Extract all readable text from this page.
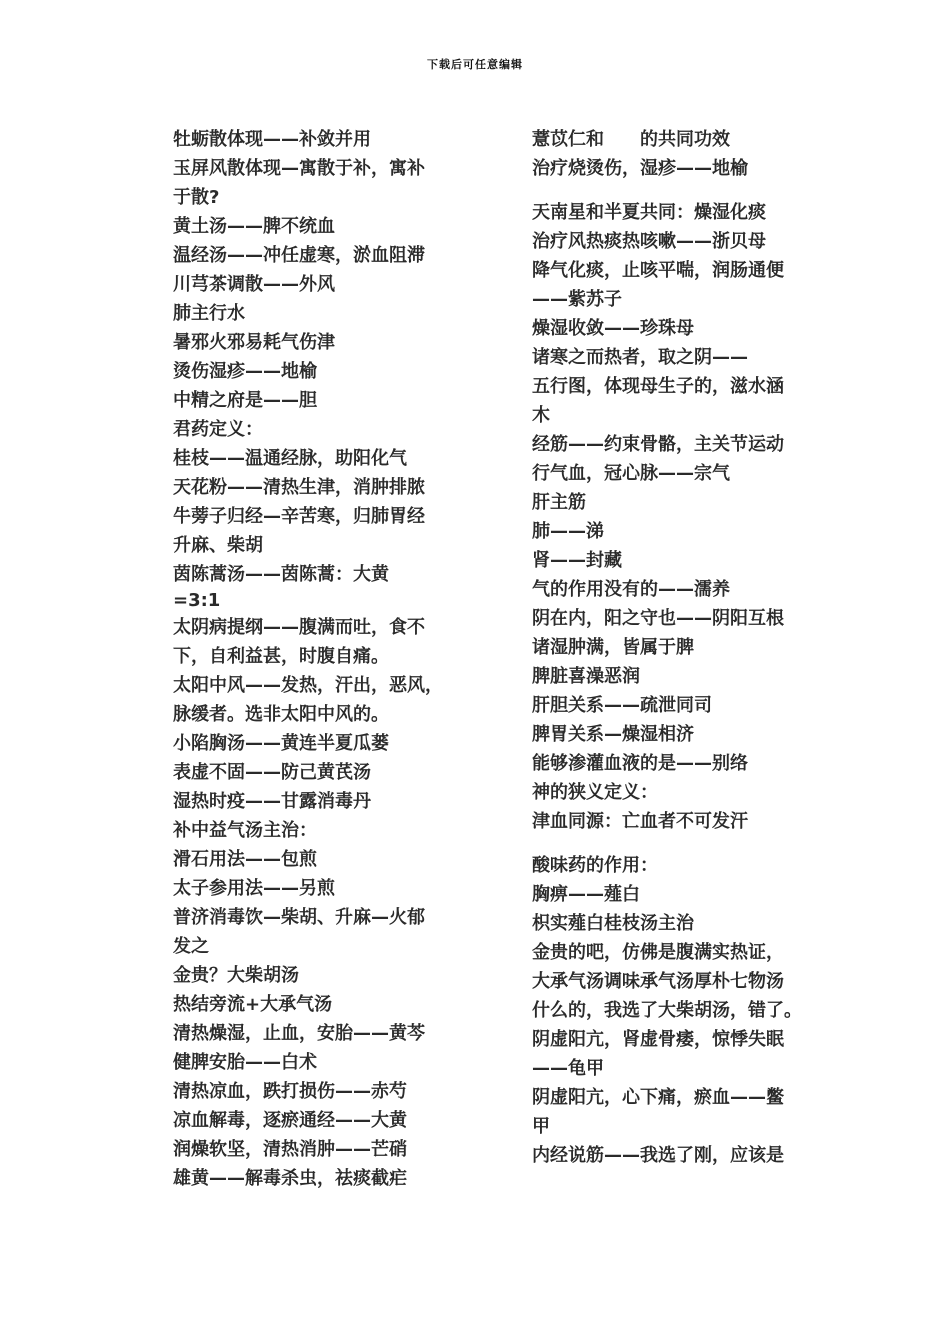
下载后可任意编辑
牡蛎散体现——补敛并用
玉屏风散体现—寓散于补，寓补
于散?
黄土汤——脾不统血
温经汤——冲任虚寒，淤血阻滞
川芎茶调散——外风
肺主行水
暑邪火邪易耗气伤津
烫伤湿疹——地榆
中精之府是——胆
君药定义：
桂枝——温通经脉，助阳化气
天花粉——清热生津，消肿排脓
牛蒡子归经—辛苦寒，归肺胃经
升麻、柴胡
茵陈蒿汤——茵陈蒿：大黄
=3:1
太阴病提纲——腹满而吐，食不
下，自利益甚，时腹自痛。
太阳中风——发热，汗出，恶风，
脉缓者。选非太阳中风的。
小陷胸汤——黄连半夏瓜蒌
表虚不固——防己黄芪汤
湿热时疫——甘露消毒丹
补中益气汤主治：
滑石用法——包煎
太子参用法——另煎
普济消毒饮—柴胡、升麻—火郁
发之
金贵？大柴胡汤
热结旁流+大承气汤
清热燥湿，止血，安胎——黄芩
健脾安胎——白术
清热凉血，跌打损伤——赤芍
凉血解毒，逐瘀通经——大黄
润燥软坚，清热消肿——芒硝
雄黄——解毒杀虫，祛痰截疟
薏苡仁和　　的共同功效
治疗烧烫伤，湿疹——地榆
天南星和半夏共同：燥湿化痰
治疗风热痰热咳嗽——浙贝母
降气化痰，止咳平喘，润肠通便
——紫苏子
燥湿收敛——珍珠母
诸寒之而热者，取之阴——
五行图，体现母生子的，滋水涵
木
经筋——约束骨骼，主关节运动
行气血，冠心脉——宗气
肝主筋
肺——涕
肾——封藏
气的作用没有的——濡养
阴在内，阳之守也——阴阳互根
诸湿肿满，皆属于脾
脾脏喜澡恶润
肝胆关系——疏泄同司
脾胃关系—燥湿相济
能够渗灌血液的是——别络
神的狭义定义：
津血同源：亡血者不可发汗
酸味药的作用：
胸痹——薤白
枳实薤白桂枝汤主治
金贵的吧，仿佛是腹满实热证，
大承气汤调味承气汤厚朴七物汤
什么的，我选了大柴胡汤，错了。
阴虚阳亢，肾虚骨痿，惊悸失眠
——龟甲
阴虚阳亢，心下痛，瘀血——鳖
甲
内经说筋——我选了刚，应该是
